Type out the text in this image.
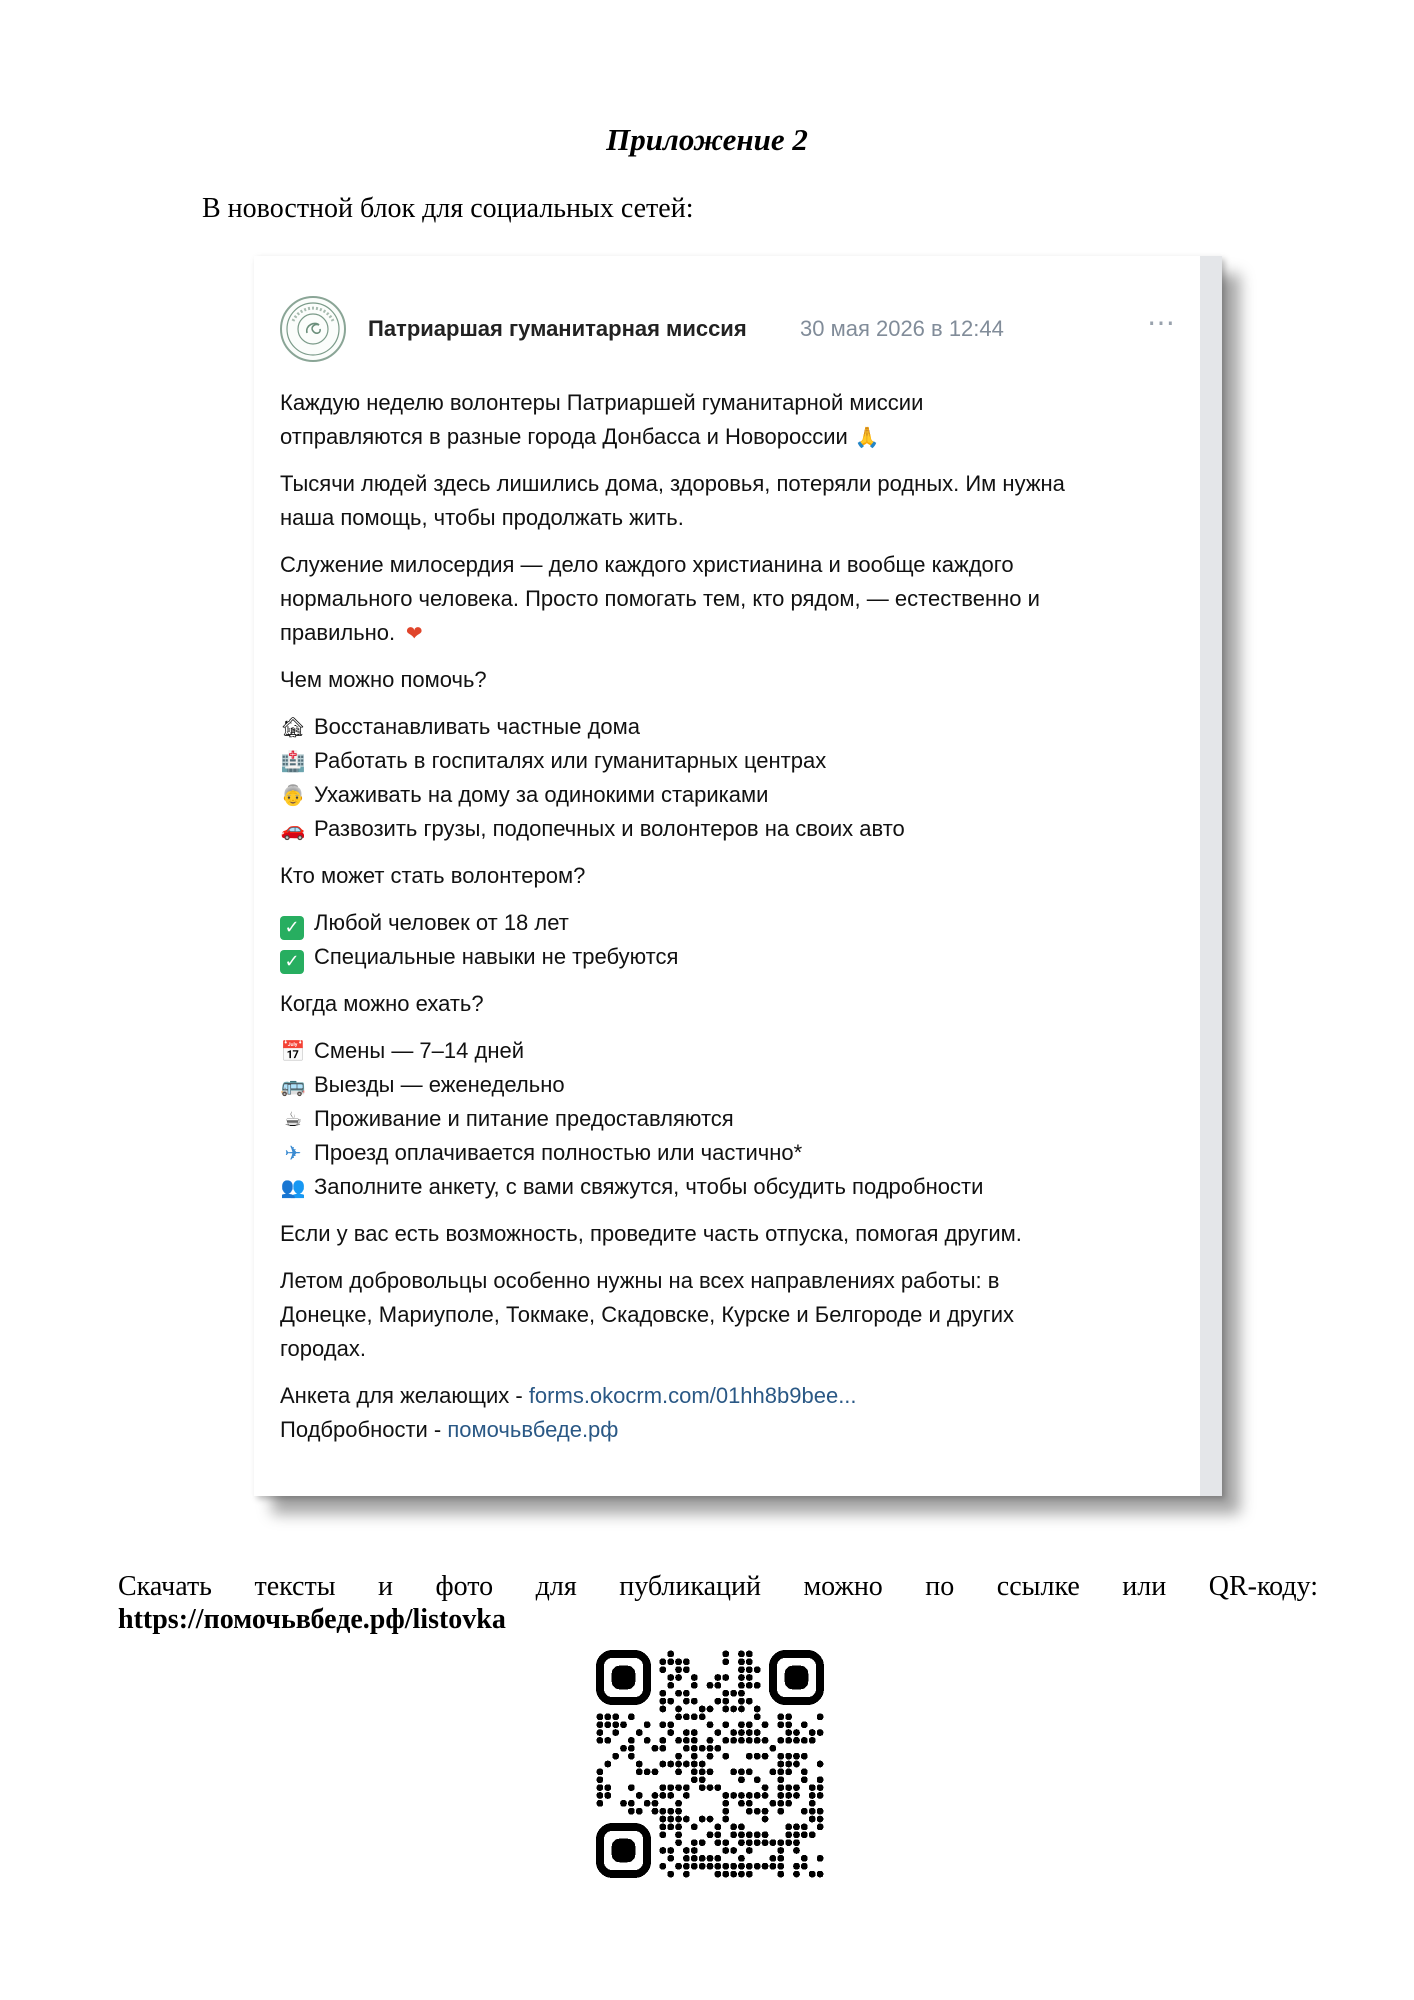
Приложение 2
В новостной блок для социальных сетей:
Патриаршая гуманитарная миссия 30 мая 2026 в 12:44	⋯

Каждую неделю волонтеры Патриаршей гуманитарной миссии
отправляются в разные города Донбасса и Новороссии 🙏

Тысячи людей здесь лишились дома, здоровья, потеряли родных. Им нужна
наша помощь, чтобы продолжать жить.

Служение милосердия — дело каждого христианина и вообще каждого
нормального человека. Просто помогать тем, кто рядом, — естественно и
правильно. ❤

Чем можно помочь?

🏚 Восстанавливать частные дома
🏥 Работать в госпиталях или гуманитарных центрах
👵 Ухаживать на дому за одинокими стариками
🚗 Развозить грузы, подопечных и волонтеров на своих авто

Кто может стать волонтером?

✓ Любой человек от 18 лет
✓ Специальные навыки не требуются

Когда можно ехать?

📅 Смены — 7–14 дней
🚌 Выезды — еженедельно
☕ Проживание и питание предоставляются
✈ Проезд оплачивается полностью или частично*
👥 Заполните анкету, с вами свяжутся, чтобы обсудить подробности

Если у вас есть возможность, проведите часть отпуска, помогая другим.

Летом добровольцы особенно нужны на всех направлениях работы: в
Донецке, Мариуполе, Токмаке, Скадовске, Курске и Белгороде и других
городах.

Анкета для желающих - forms.okocrm.com/01hh8b9bee...
Подбробности - помочьвбеде.рф

Скачать тексты и фото для публикаций можно по ссылке или QR-коду:
https://помочьвбеде.рф/listovka
